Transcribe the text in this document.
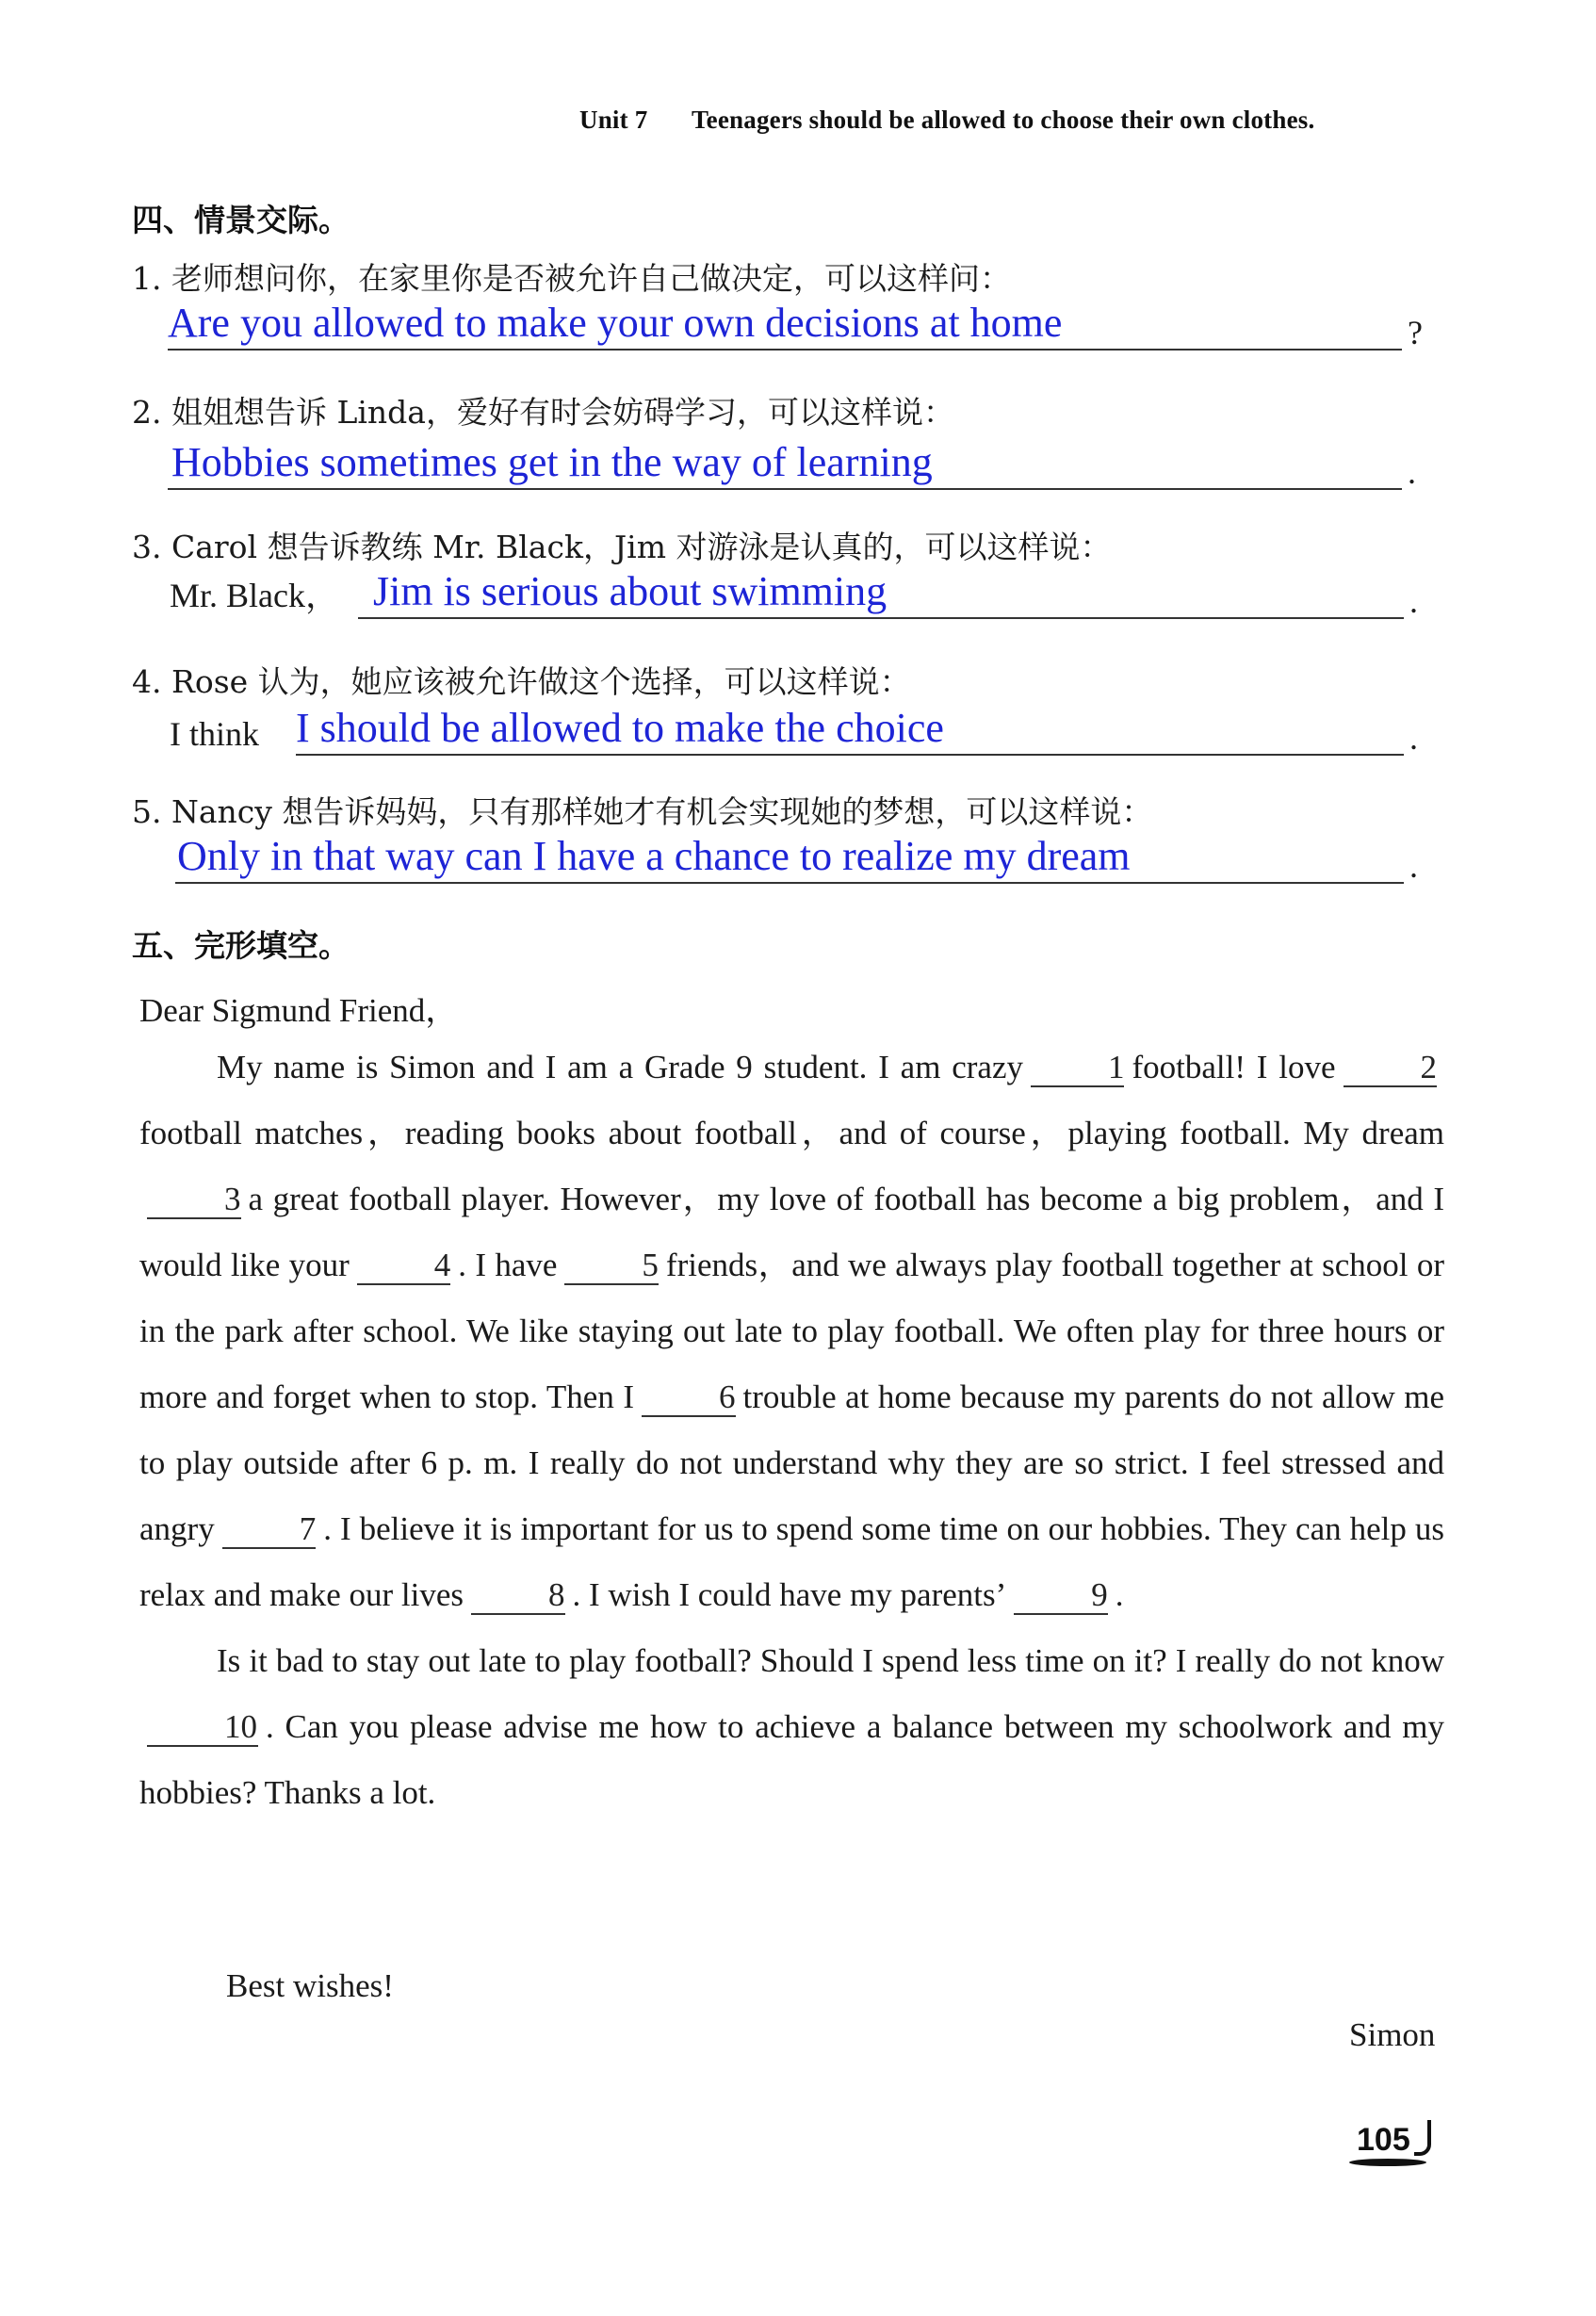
Unit 7 Teenagers should be allowed to choose their own clothes.
四、情景交际。
1. 老师想问你，在家里你是否被允许自己做决定，可以这样问：
Are you allowed to make your own decisions at home	?
2. 姐姐想告诉 Linda，爱好有时会妨碍学习，可以这样说：
Hobbies sometimes get in the way of learning	.
3. Carol 想告诉教练 Mr. Black，Jim 对游泳是认真的，可以这样说：
Mr. Black， Jim is serious about swimming	.
4. Rose 认为，她应该被允许做这个选择，可以这样说：
I think I should be allowed to make the choice	.
5. Nancy 想告诉妈妈，只有那样她才有机会实现她的梦想，可以这样说：
Only in that way can I have a chance to realize my dream	.
五、完形填空。
Dear Sigmund Friend，

My name is Simon and I am a Grade 9 student. I am crazy	1 football! I love	2football matches，reading books about football，and of course，playing football. My dream3 a great football player. However，my love of football has become a big problem，and I would like your	4 . I have	5 friends，and we always play football together at school or in the park after school. We like staying out late to play football. We often play for three hours or more and forget when to stop. Then I	6 trouble at home because my parents do not allow me to play outside after 6 p. m. I really do not understand why they are so strict. I feel stressed and angry	7 . I believe it is important for us to spend some time on our hobbies. They can help us relax and make our lives	8 . I wish I could have my parents’	9 .

Is it bad to stay out late to play football? Should I spend less time on it? I really do not know10 . Can you please advise me how to achieve a balance between my schoolwork and my hobbies? Thanks a lot.

Best wishes!
Simon
105
